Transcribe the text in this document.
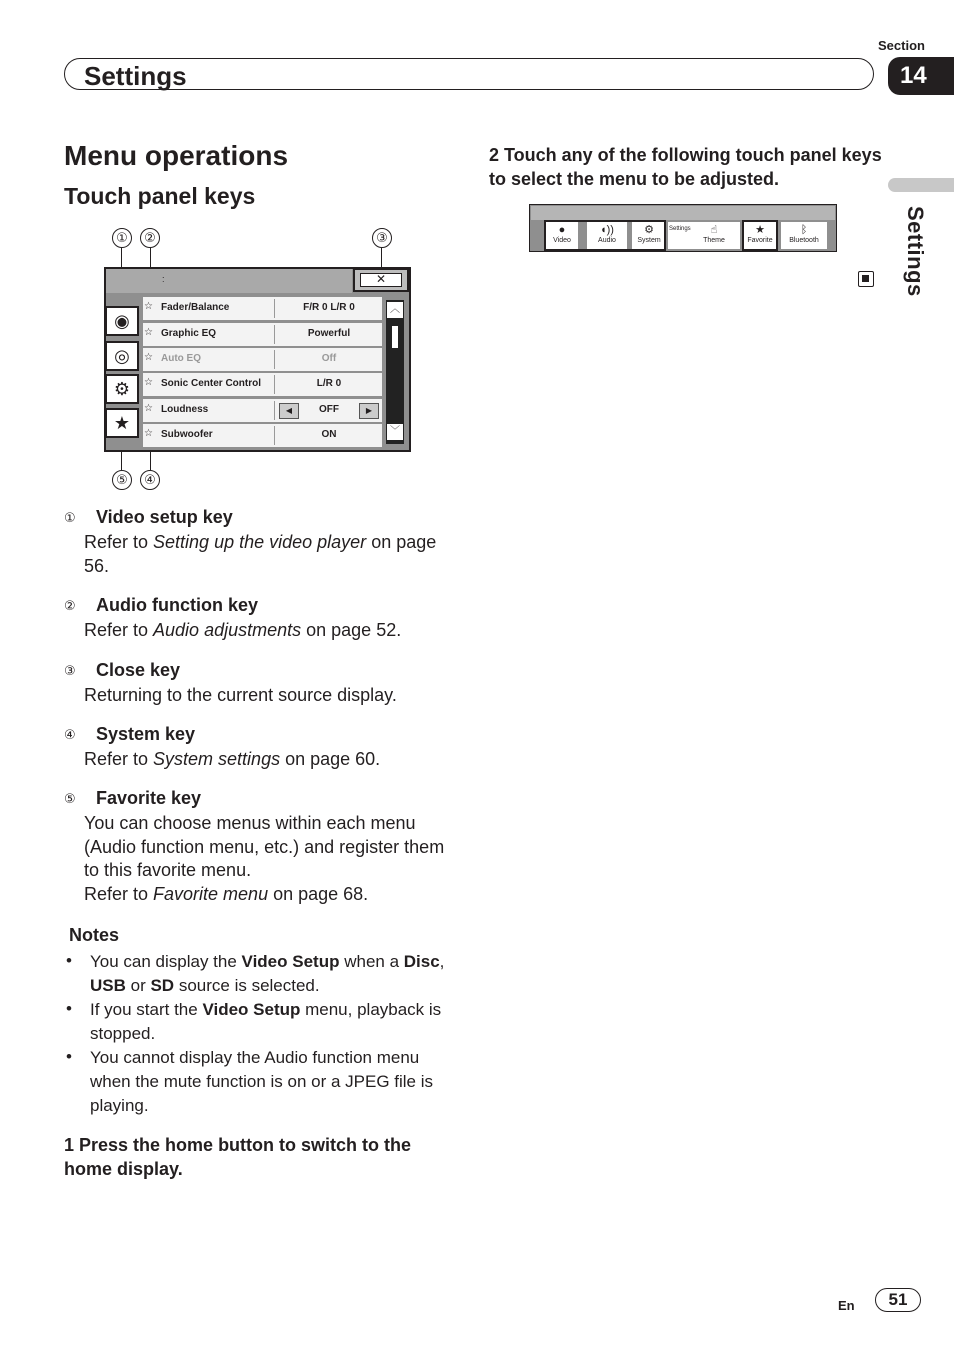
Section
Settings	14
Settings
Menu operations
Touch panel keys
①	②	③
⑤	④
:	✕
◉
◎
⚙
★
☆ Fader/Balance	F/R 0 L/R 0
☆ Graphic EQ	Powerful
☆ Auto EQ	Off
☆ Sonic Center Control	L/R 0
☆ Loudness	◀	OFF	▶
☆ Subwoofer	ON
︿
﹀
① Video setup key
Refer to Setting up the video player on page 56.
② Audio function key
Refer to Audio adjustments on page 52.
③ Close key
Returning to the current source display.
④ System key
Refer to System settings on page 60.
⑤ Favorite key
You can choose menus within each menu (Audio function menu, etc.) and register them to this favorite menu.
Refer to Favorite menu on page 68.
Notes
• You can display the Video Setup when a Disc, USB or SD source is selected.
• If you start the Video Setup menu, playback is stopped.
• You cannot display the Audio function menu when the mute function is on or a JPEG file is playing.
1 Press the home button to switch to the home display.
2 Touch any of the following touch panel keys to select the menu to be adjusted.
●
Video
◖))
Audio
⚙
System
Settings	☝
Theme
★
Favorite
ᛒ
Bluetooth
En	51
